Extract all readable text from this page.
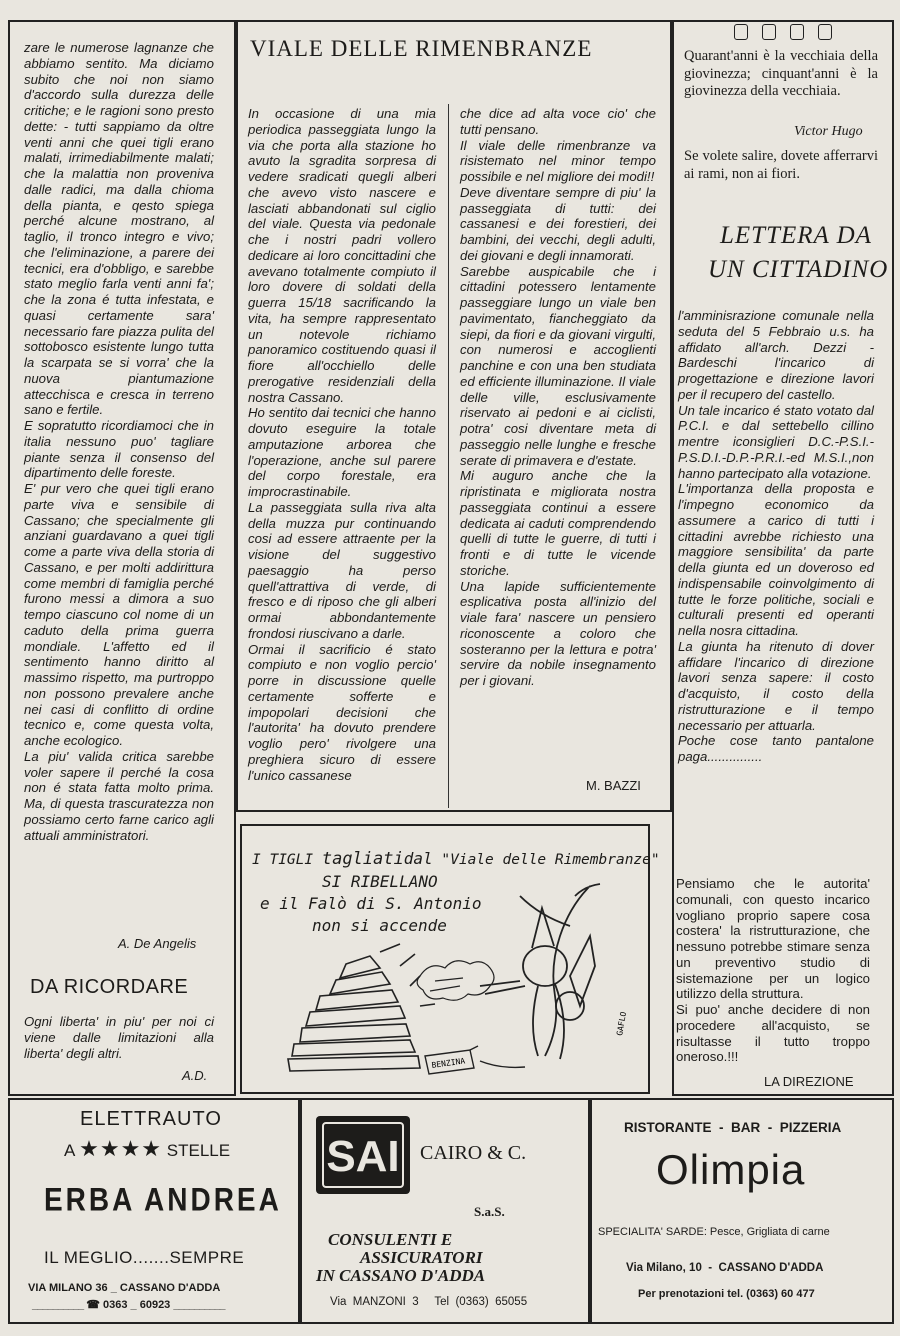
zare le numerose lagnanze che abbiamo sentito. Ma diciamo subito che noi non siamo d'accordo sulla durezza delle critiche; e le ragioni sono presto dette: - tutti sappiamo da oltre venti anni che quei tigli erano malati, irrimediabilmente malati; che la malattia non proveniva dalle radici, ma dalla chioma della pianta, e qesto spiega perché alcune mostrano, al taglio, il tronco integro e vivo; che l'eliminazione, a parere dei tecnici, era d'obbligo, e sarebbe stato meglio farla venti anni fa'; che la zona é tutta infestata, e quasi certamente sara' necessario fare piazza pulita del sottobosco esistente lungo tutta la scarpata se si vorra' che la nuova piantumazione attecchisca e cresca in terreno sano e fertile.

E sopratutto ricordiamoci che in italia nessuno puo' tagliare piante senza il consenso del dipartimento delle foreste.

E' pur vero che quei tigli erano parte viva e sensibile di Cassano; che specialmente gli anziani guardavano a quei tigli come a parte viva della storia di Cassano, e per molti addirittura come membri di famiglia perché furono messi a dimora a suo tempo ciascuno col nome di un caduto della prima guerra mondiale. L'affetto ed il sentimento hanno diritto al massimo rispetto, ma purtroppo non possono prevalere anche nei casi di conflitto di ordine tecnico e, come questa volta, anche ecologico.

La piu' valida critica sarebbe voler sapere il perché la cosa non é stata fatta molto prima. Ma, di questa trascuratezza non possiamo certo farne carico agli attuali amministratori.

A. De Angelis
DA RICORDARE
Ogni liberta' in piu' per noi ci viene dalle limitazioni alla liberta' degli altri.
A.D.
VIALE DELLE RIMENBRANZE

In occasione di una mia periodica passeggiata lungo la via che porta alla stazione ho avuto la sgradita sorpresa di vedere sradicati quegli alberi che avevo visto nascere e lasciati abbandonati sul ciglio del viale. Questa via pedonale che i nostri padri vollero dedicare ai loro concittadini che avevano totalmente compiuto il loro dovere di soldati della guerra 15/18 sacrificando la vita, ha sempre rappresentato un notevole richiamo panoramico costituendo quasi il fiore all'occhiello delle prerogative residenziali della nostra Cassano.

Ho sentito dai tecnici che hanno dovuto eseguire la totale amputazione arborea che l'operazione, anche sul parere del corpo forestale, era improcrastinabile.

La passeggiata sulla riva alta della muzza pur continuando cosi ad essere attraente per la visione del suggestivo paesaggio ha perso quell'attrattiva di verde, di fresco e di riposo che gli alberi ormai abbondantemente frondosi riuscivano a darle.

Ormai il sacrificio é stato compiuto e non voglio percio' porre in discussione quelle certamente sofferte e impopolari decisioni che l'autorita' ha dovuto prendere voglio pero' rivolgere una preghiera sicuro di essere l'unico cassanese

che dice ad alta voce cio' che tutti pensano.

Il viale delle rimenbranze va risistemato nel minor tempo possibile e nel migliore dei modi!!

Deve diventare sempre di piu' la passeggiata di tutti: dei cassanesi e dei forestieri, dei bambini, dei vecchi, degli adulti, dei giovani e degli innamorati.

Sarebbe auspicabile che i cittadini potessero lentamente passeggiare lungo un viale ben pavimentato, fiancheggiato da siepi, da fiori e da giovani virgulti, con numerosi e accoglienti panchine e con una ben studiata ed efficiente illuminazione. Il viale delle ville, esclusivamente riservato ai pedoni e ai ciclisti, potra' cosi diventare meta di passeggio nelle lunghe e fresche serate di primavera e d'estate.

Mi auguro anche che la ripristinata e migliorata nostra passeggiata continui a essere dedicata ai caduti comprendendo quelli di tutte le guerre, di tutti i fronti e di tutte le vicende storiche.

Una lapide sufficientemente esplicativa posta all'inizio del viale fara' nascere un pensiero riconoscente a coloro che sosteranno per la lettura e potra' servire da nobile insegnamento per i giovani.

M. BAZZI
I TIGLI tagliatidal "Viale delle Rimembranze"
SI RIBELLANO
e il Falò di S. Antonio
non si accende
BENZINA
GAFLO
Quarant'anni è la vecchiaia della giovinezza; cinquant'anni è la giovinezza della vecchiaia.
Victor Hugo
Se volete salire, dovete afferrarvi ai rami, non ai fiori.
LETTERA DA
UN CITTADINO

l'amminisrazione comunale nella seduta del 5 Febbraio u.s. ha affidato all'arch. Dezzi - Bardeschi l'incarico di progettazione e direzione lavori per il recupero del castello.

Un tale incarico é stato votato dal P.C.I. e dal settebello cillino mentre iconsiglieri D.C.-P.S.I.-P.S.D.I.-D.P.-P.R.I.-ed M.S.I.,non hanno partecipato alla votazione.

L'importanza della proposta e l'impegno economico da assumere a carico di tutti i cittadini avrebbe richiesto una maggiore sensibilita' da parte della giunta ed un doveroso ed indispensabile coinvolgimento di tutte le forze politiche, sociali e culturali presenti ed operanti nella nosra cittadina.

La giunta ha ritenuto di dover affidare l'incarico di direzione lavori senza sapere: il costo d'acquisto, il costo della ristrutturazione e il tempo necessario per attuarla.

Poche cose tanto pantalone paga...............

Pensiamo che le autorita' comunali, con questo incarico vogliano proprio sapere cosa costera' la ristrutturazione, che nessuno potrebbe stimare senza un preventivo studio di sistemazione per un logico utilizzo della struttura.

Si puo' anche decidere di non procedere all'acquisto, se risultasse il tutto troppo oneroso.!!!

LA DIREZIONE
ELETTRAUTO
A ★★★★ STELLE
ERBA ANDREA
IL MEGLIO.......SEMPRE
VIA MILANO 36 _ CASSANO D'ADDA
__________ ☎ 0363 _ 60923 __________
SAI CAIRO & C.
S.a.S.
CONSULENTI E
ASSICURATORI
IN CASSANO D'ADDA
Via  MANZONI  3     Tel  (0363)  65055
RISTORANTE  -  BAR  -  PIZZERIA
Olimpia
SPECIALITA' SARDE: Pesce, Grigliata di carne
Via Milano, 10  -  CASSANO D'ADDA
Per prenotazioni tel. (0363) 60 477
